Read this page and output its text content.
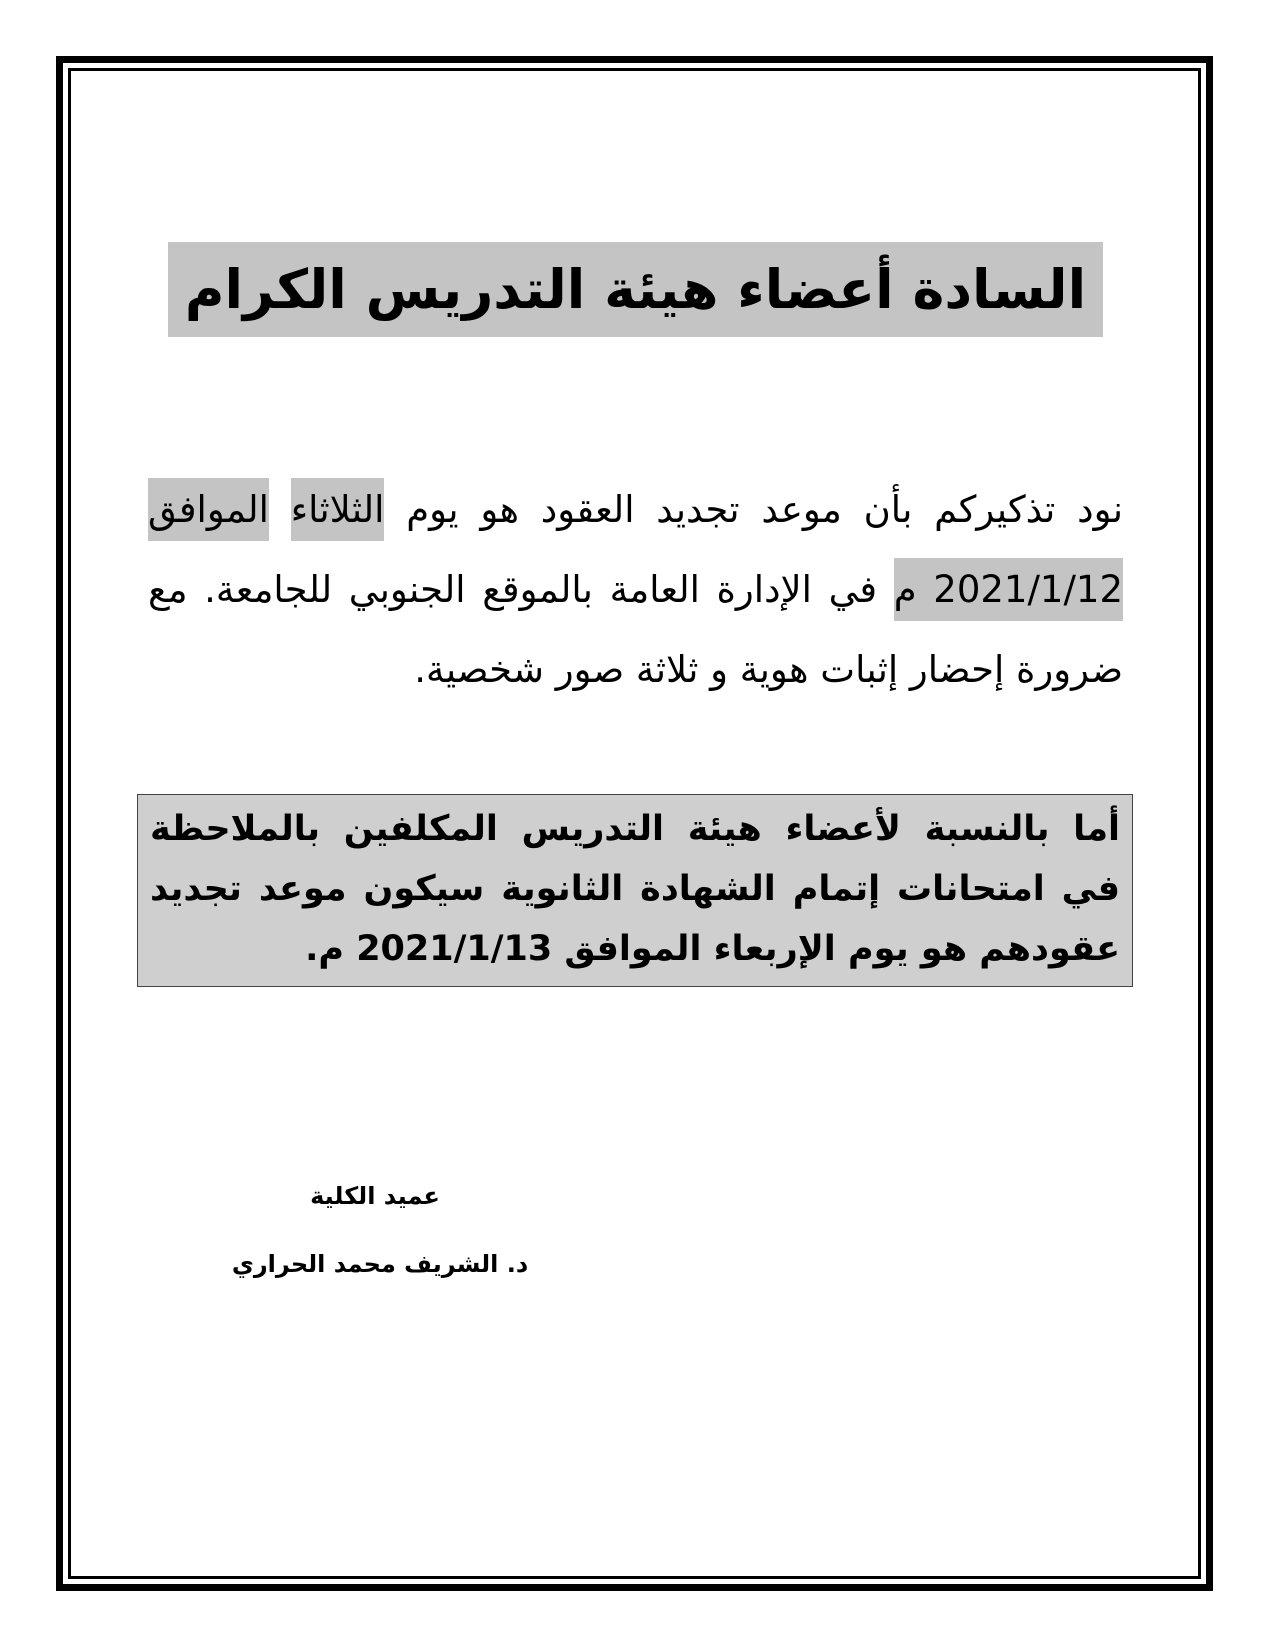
السادة أعضاء هيئة التدريس الكرام
نود تذكيركم بأن موعد تجديد العقود هو يوم الثلاثاء الموافق 2021/1/12 م في الإدارة العامة بالموقع الجنوبي للجامعة. مع ضرورة إحضار إثبات هوية و ثلاثة صور شخصية.
أما بالنسبة لأعضاء هيئة التدريس المكلفين بالملاحظة في امتحانات إتمام الشهادة الثانوية سيكون موعد تجديد عقودهم هو يوم الإربعاء الموافق 2021/1/13 م.
عميد الكلية
د. الشريف محمد الحراري
